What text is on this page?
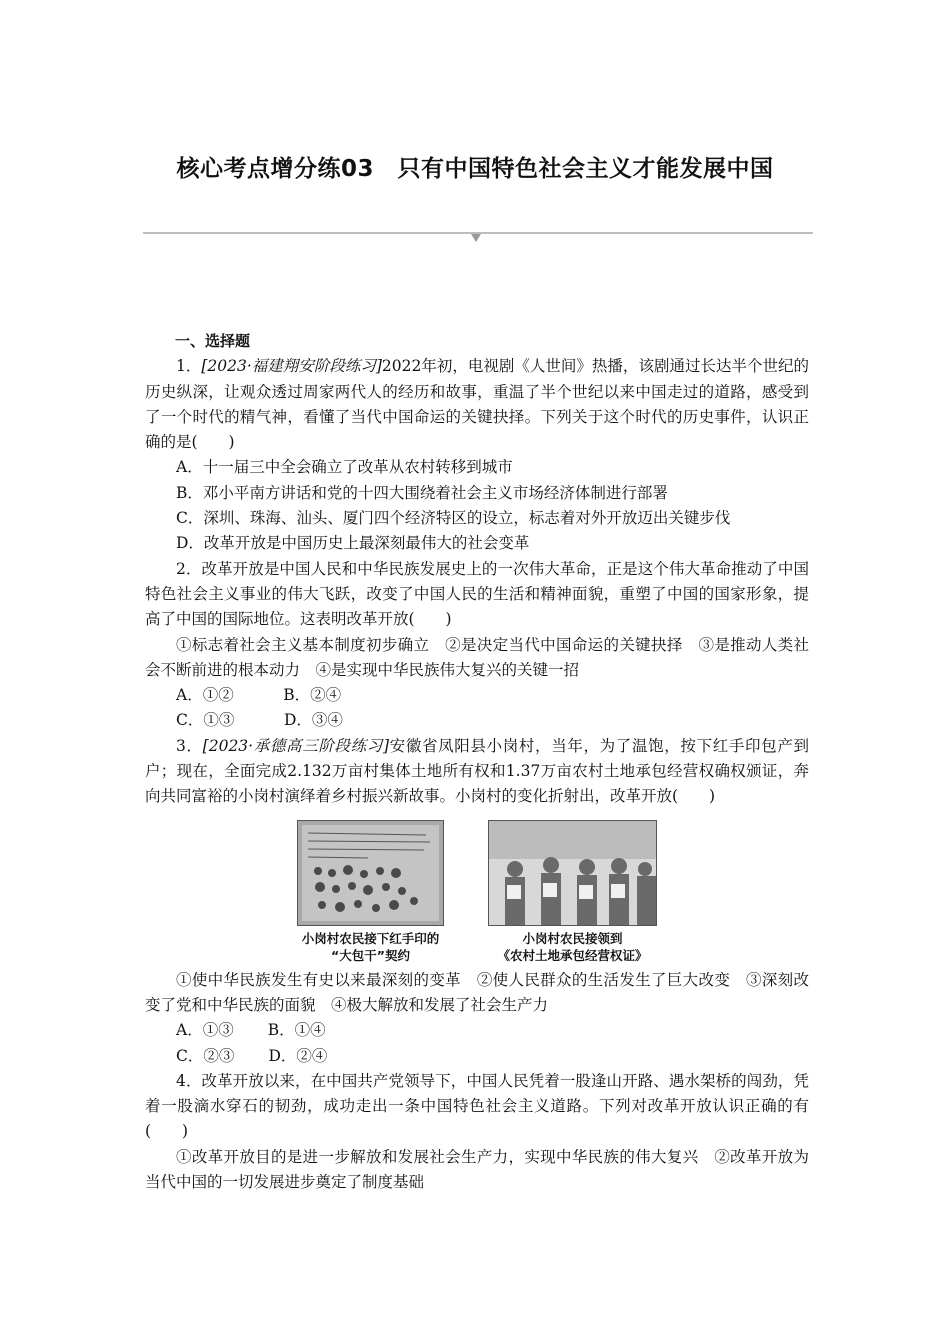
核心考点增分练03　只有中国特色社会主义才能发展中国

一、选择题

1．[2023·福建翔安阶段练习]2022年初，电视剧《人世间》热播，该剧通过长达半个世纪的历史纵深，让观众透过周家两代人的经历和故事，重温了半个世纪以来中国走过的道路，感受到了一个时代的精气神，看懂了当代中国命运的关键抉择。下列关于这个时代的历史事件，认识正确的是(　　)

A．十一届三中全会确立了改革从农村转移到城市

B．邓小平南方讲话和党的十四大围绕着社会主义市场经济体制进行部署

C．深圳、珠海、汕头、厦门四个经济特区的设立，标志着对外开放迈出关键步伐

D．改革开放是中国历史上最深刻最伟大的社会变革

2．改革开放是中国人民和中华民族发展史上的一次伟大革命，正是这个伟大革命推动了中国特色社会主义事业的伟大飞跃，改变了中国人民的生活和精神面貌，重塑了中国的国家形象，提高了中国的国际地位。这表明改革开放(　　)

①标志着社会主义基本制度初步确立　②是决定当代中国命运的关键抉择　③是推动人类社会不断前进的根本动力　④是实现中华民族伟大复兴的关键一招

A．①②	B．②④

C．①③	D．③④

3．[2023·承德高三阶段练习]安徽省凤阳县小岗村，当年，为了温饱，按下红手印包产到户；现在，全面完成2.132万亩村集体土地所有权和1.37万亩农村土地承包经营权确权颁证，奔向共同富裕的小岗村演绎着乡村振兴新故事。小岗村的变化折射出，改革开放(　　)

小岗村农民接下红手印的
“大包干”契约
小岗村农民接领到
《农村土地承包经营权证》

①使中华民族发生有史以来最深刻的变革　②使人民群众的生活发生了巨大改变　③深刻改变了党和中华民族的面貌　④极大解放和发展了社会生产力

A．①③ B．①④

C．②③ D．②④

4．改革开放以来，在中国共产党领导下，中国人民凭着一股逢山开路、遇水架桥的闯劲，凭着一股滴水穿石的韧劲，成功走出一条中国特色社会主义道路。下列对改革开放认识正确的有(　　)

①改革开放目的是进一步解放和发展社会生产力，实现中华民族的伟大复兴　②改革开放为当代中国的一切发展进步奠定了制度基础
